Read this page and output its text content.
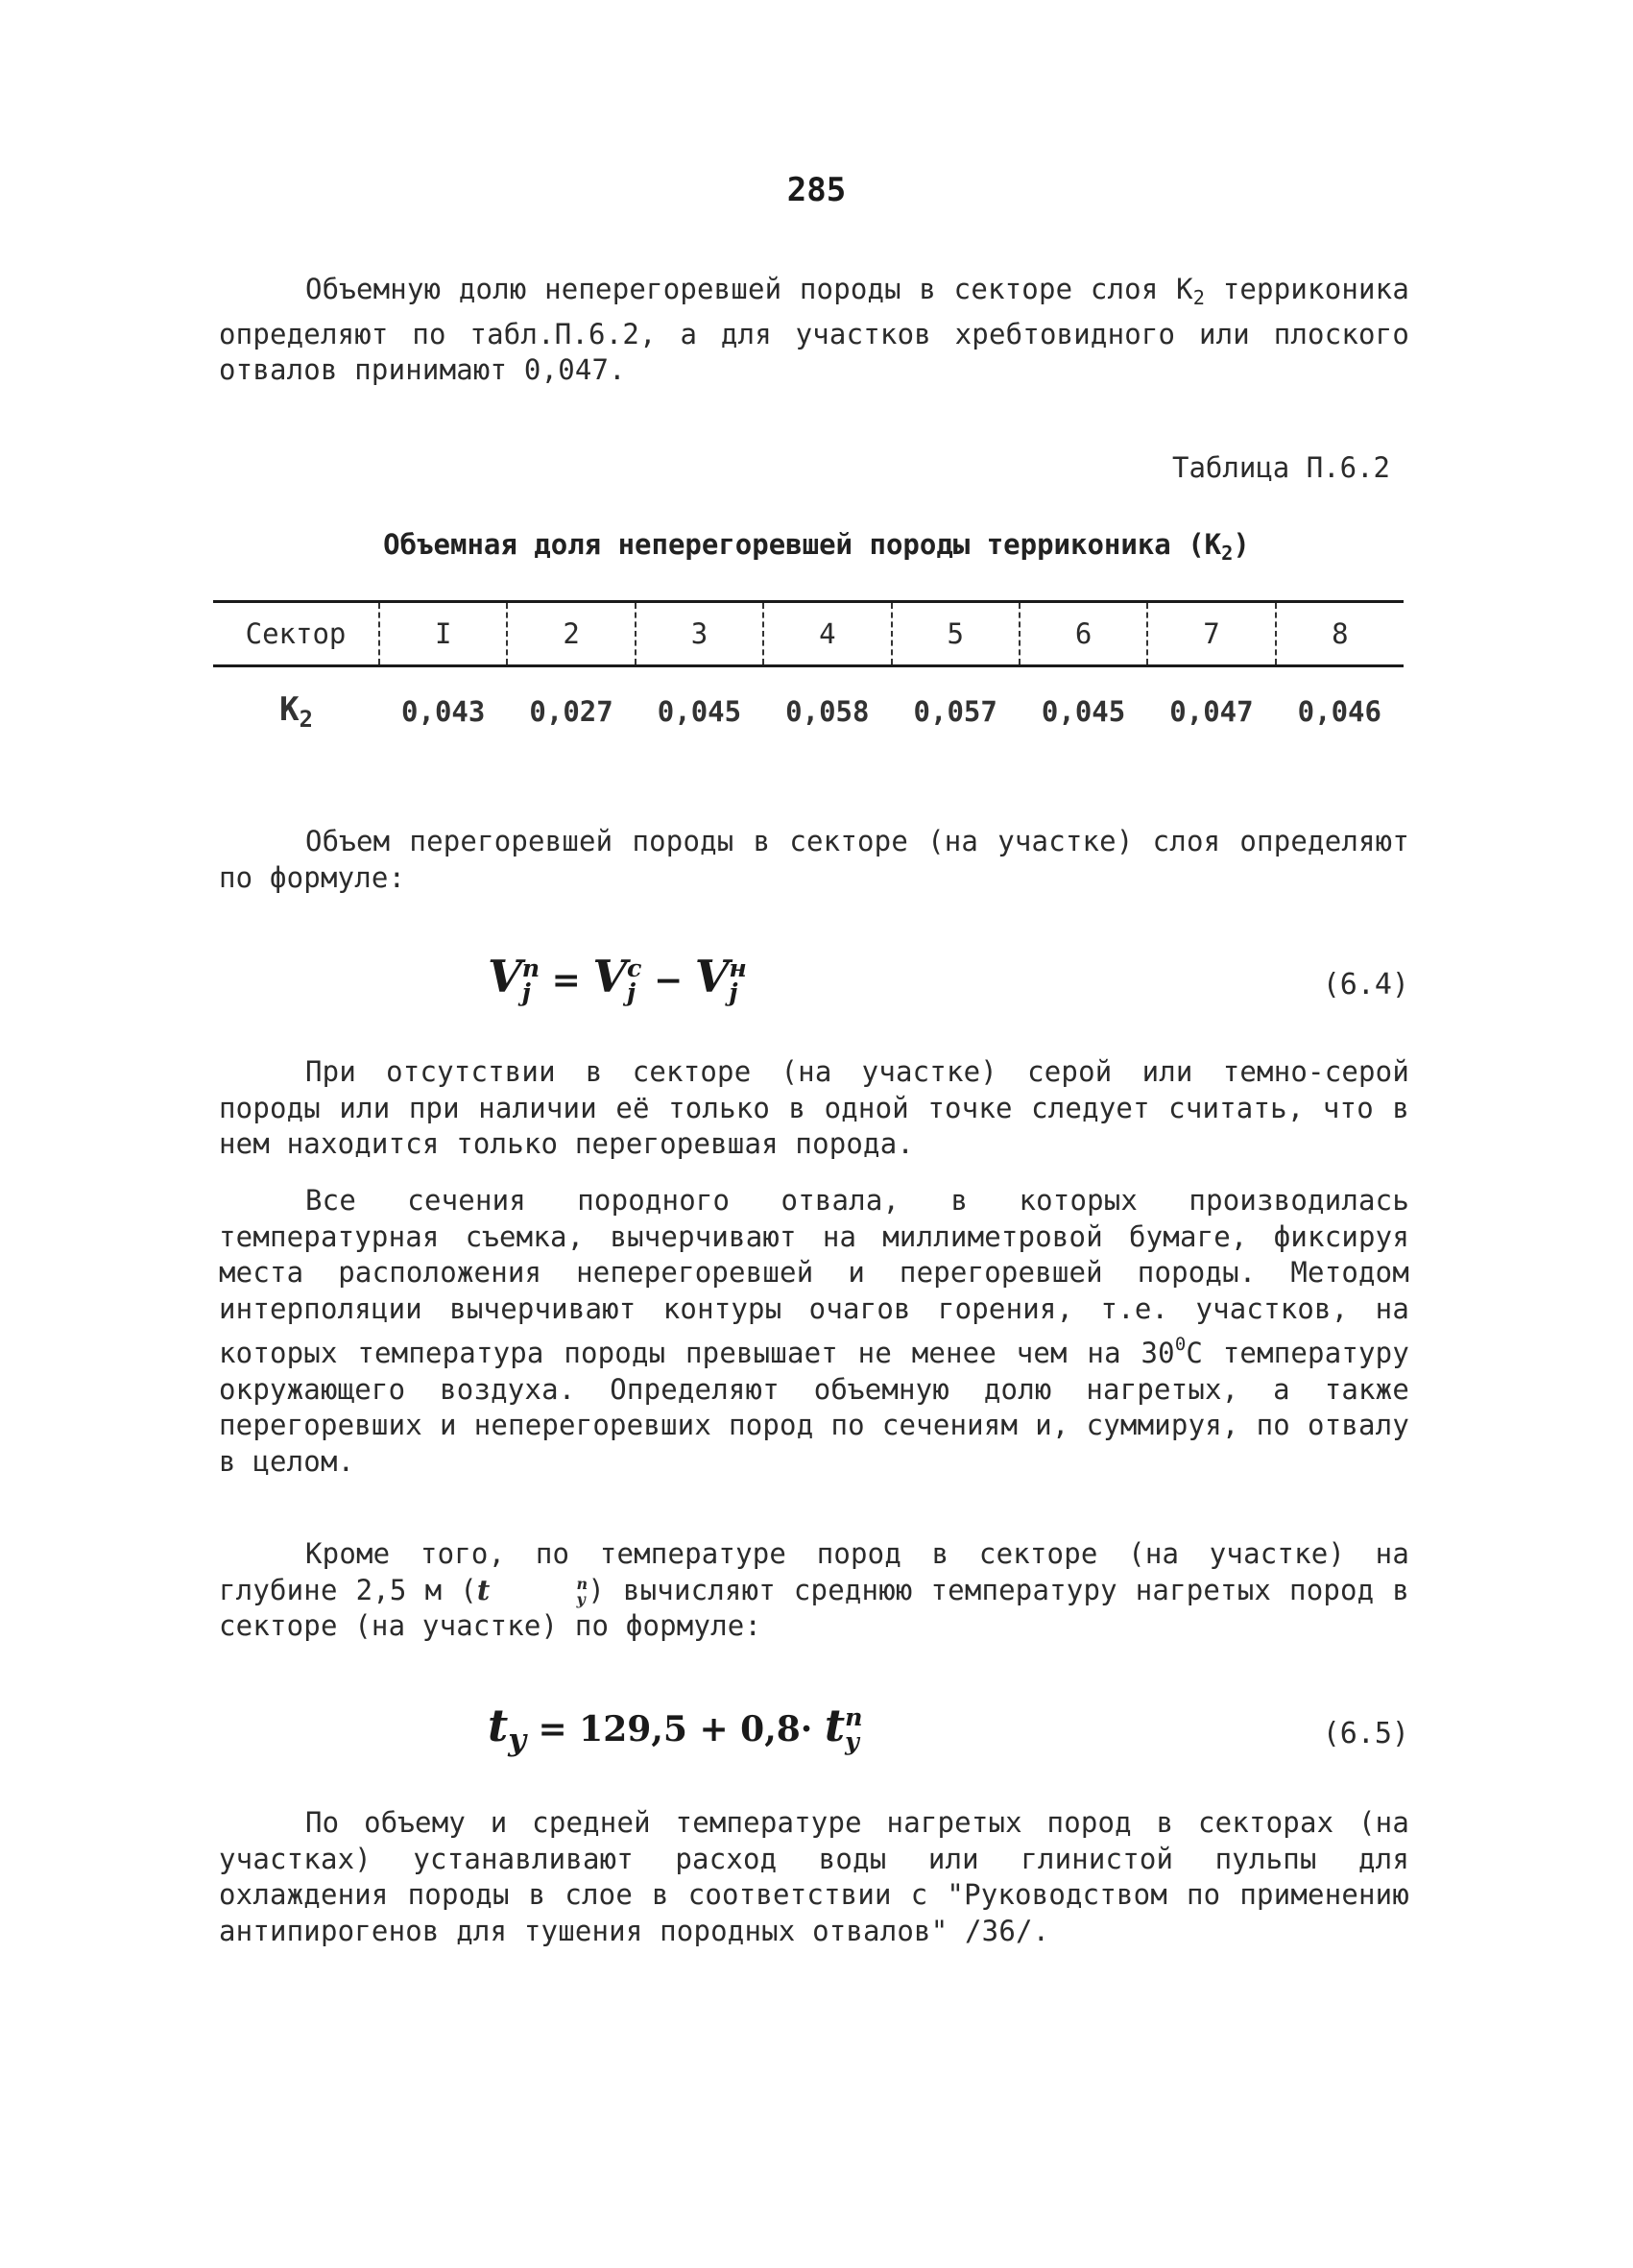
285

Объемную долю неперегоревшей породы в секторе слоя $К_2$ терриконика определяют по табл.П.6.2, а для участков хребтовидного или плоского отвалов принимают 0,047.

Таблица П.6.2
Объемная доля неперегоревшей породы терриконика $(К_2)$
Сектор	I	2	3	4	5	6	7	8
$К_2$	0,043	0,027	0,045	0,058	0,057	0,045	0,047	0,046

Объем перегоревшей породы в секторе (на участке) слоя определяют по формуле:

V п
j = V с
j − V н
j	(6.4)

При отсутствии в секторе (на участке) серой или темно-серой породы или при наличии её только в одной точке следует считать, что в нем находится только перегоревшая порода.

Все сечения породного отвала, в которых производилась температурная съемка, вычерчивают на миллиметровой бумаге, фиксируя места расположения неперегоревшей и перегоревшей породы. Методом интерполяции вычерчивают контуры очагов горения, т.е. участков, на которых температура породы превышает не менее чем на $30^0С$ температуру окружающего воздуха. Определяют объемную долю нагретых, а также перегоревших и неперегоревших пород по сечениям и, суммируя, по отвалу в целом.

Кроме того, по температуре пород в секторе (на участке) на глубине 2,5 м (t	п
y ) вычисляют среднюю температуру нагретых пород в секторе (на участке) по формуле:

$t_y = 129,5 + 0,8\cdot t$ п
y	(6.5)

По объему и средней температуре нагретых пород в секторах (на участках) устанавливают расход воды или глинистой пульпы для охлаждения породы в слое в соответствии с "Руководством по применению антипирогенов для тушения породных отвалов" /36/.
